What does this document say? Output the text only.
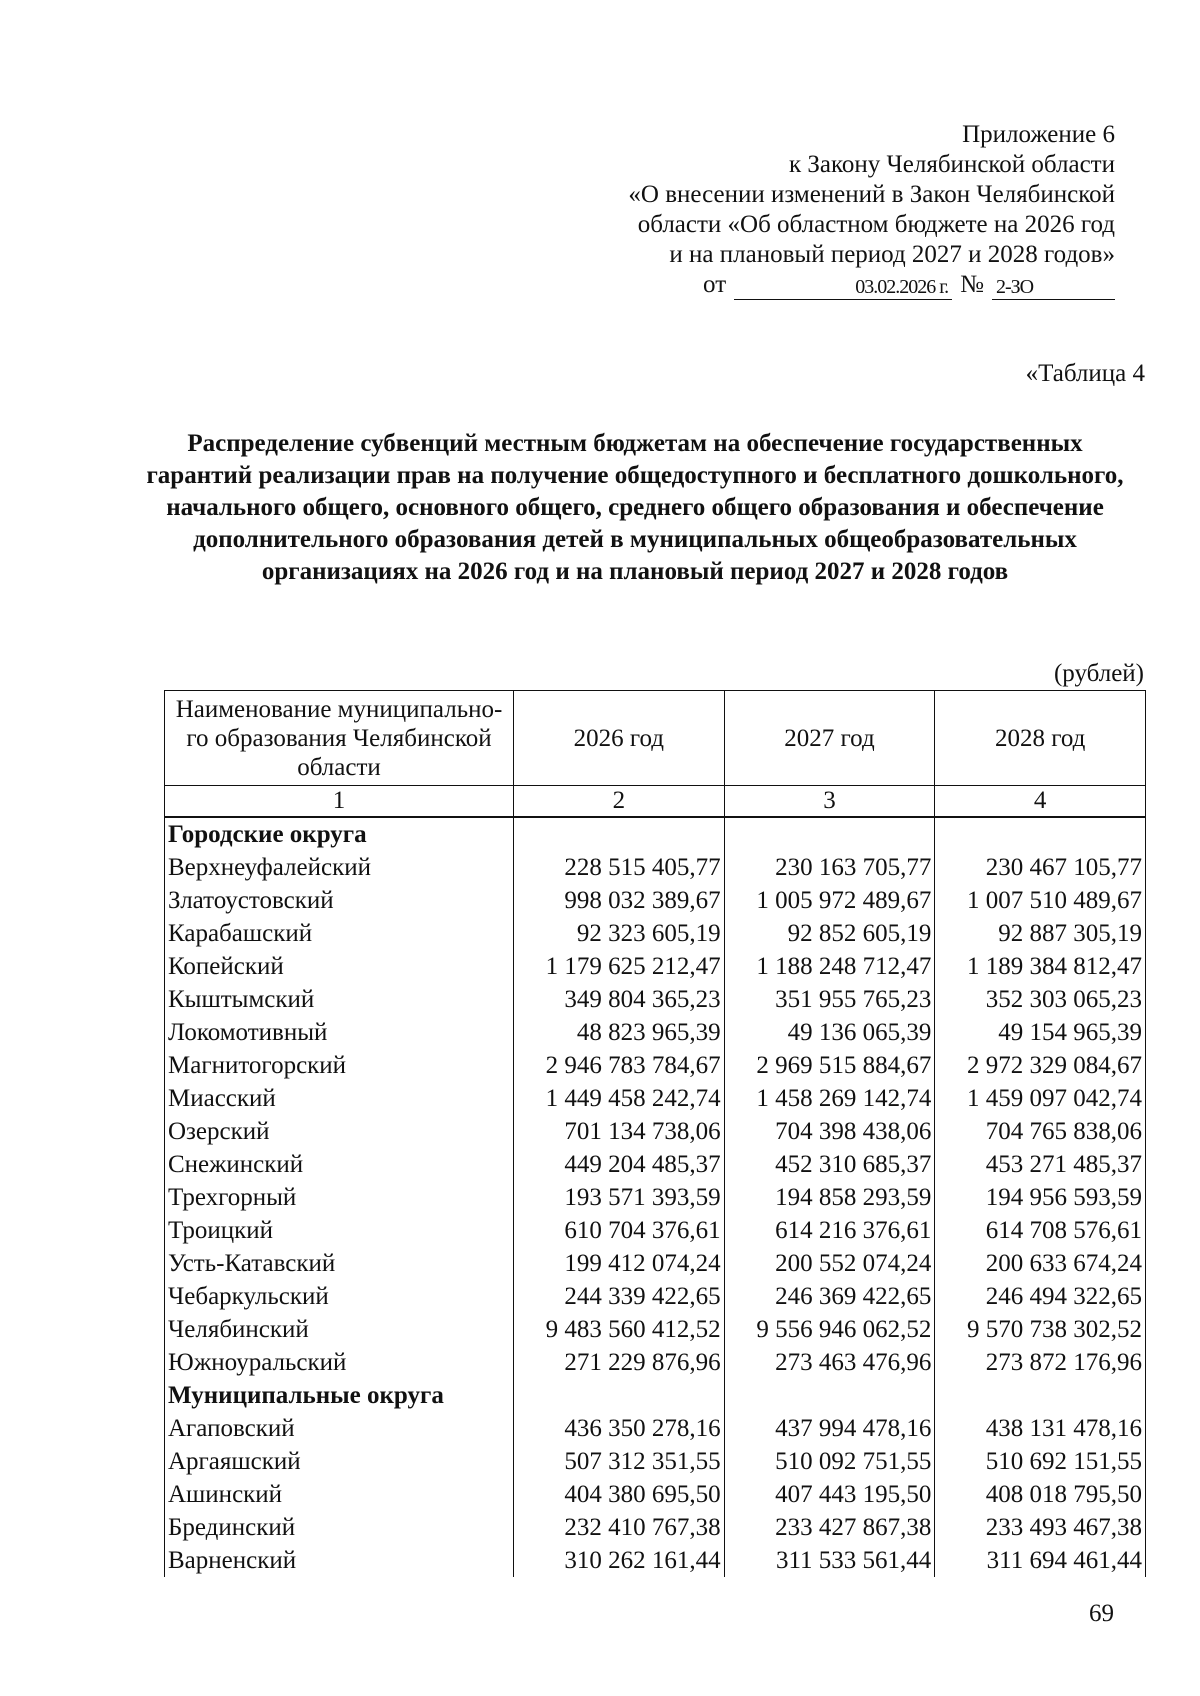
Приложение 6
к Закону Челябинской области
«О внесении изменений в Закон Челябинской
области «Об областном бюджете на 2026 год
и на плановый период 2027 и 2028 годов»
от	03.02.2026 г. № 2-ЗО
«Таблица 4
Распределение субвенций местным бюджетам на обеспечение государственных гарантий реализации прав на получение общедоступного и бесплатного дошкольного, начального общего, основного общего, среднего общего образования и обеспечение дополнительного образования детей в муниципальных общеобразовательных организациях на 2026 год и на плановый период 2027 и 2028 годов
(рублей)
Наименование муниципально-го образования Челябинской области	2026 год	2027 год	2028 год
1	2	3	4
Городские округа			
Верхнеуфалейский	228 515 405,77	230 163 705,77	230 467 105,77
Златоустовский	998 032 389,67	1 005 972 489,67	1 007 510 489,67
Карабашский	92 323 605,19	92 852 605,19	92 887 305,19
Копейский	1 179 625 212,47	1 188 248 712,47	1 189 384 812,47
Кыштымский	349 804 365,23	351 955 765,23	352 303 065,23
Локомотивный	48 823 965,39	49 136 065,39	49 154 965,39
Магнитогорский	2 946 783 784,67	2 969 515 884,67	2 972 329 084,67
Миасский	1 449 458 242,74	1 458 269 142,74	1 459 097 042,74
Озерский	701 134 738,06	704 398 438,06	704 765 838,06
Снежинский	449 204 485,37	452 310 685,37	453 271 485,37
Трехгорный	193 571 393,59	194 858 293,59	194 956 593,59
Троицкий	610 704 376,61	614 216 376,61	614 708 576,61
Усть-Катавский	199 412 074,24	200 552 074,24	200 633 674,24
Чебаркульский	244 339 422,65	246 369 422,65	246 494 322,65
Челябинский	9 483 560 412,52	9 556 946 062,52	9 570 738 302,52
Южноуральский	271 229 876,96	273 463 476,96	273 872 176,96
Муниципальные округа			
Агаповский	436 350 278,16	437 994 478,16	438 131 478,16
Аргаяшский	507 312 351,55	510 092 751,55	510 692 151,55
Ашинский	404 380 695,50	407 443 195,50	408 018 795,50
Брединский	232 410 767,38	233 427 867,38	233 493 467,38
Варненский	310 262 161,44	311 533 561,44	311 694 461,44
69
